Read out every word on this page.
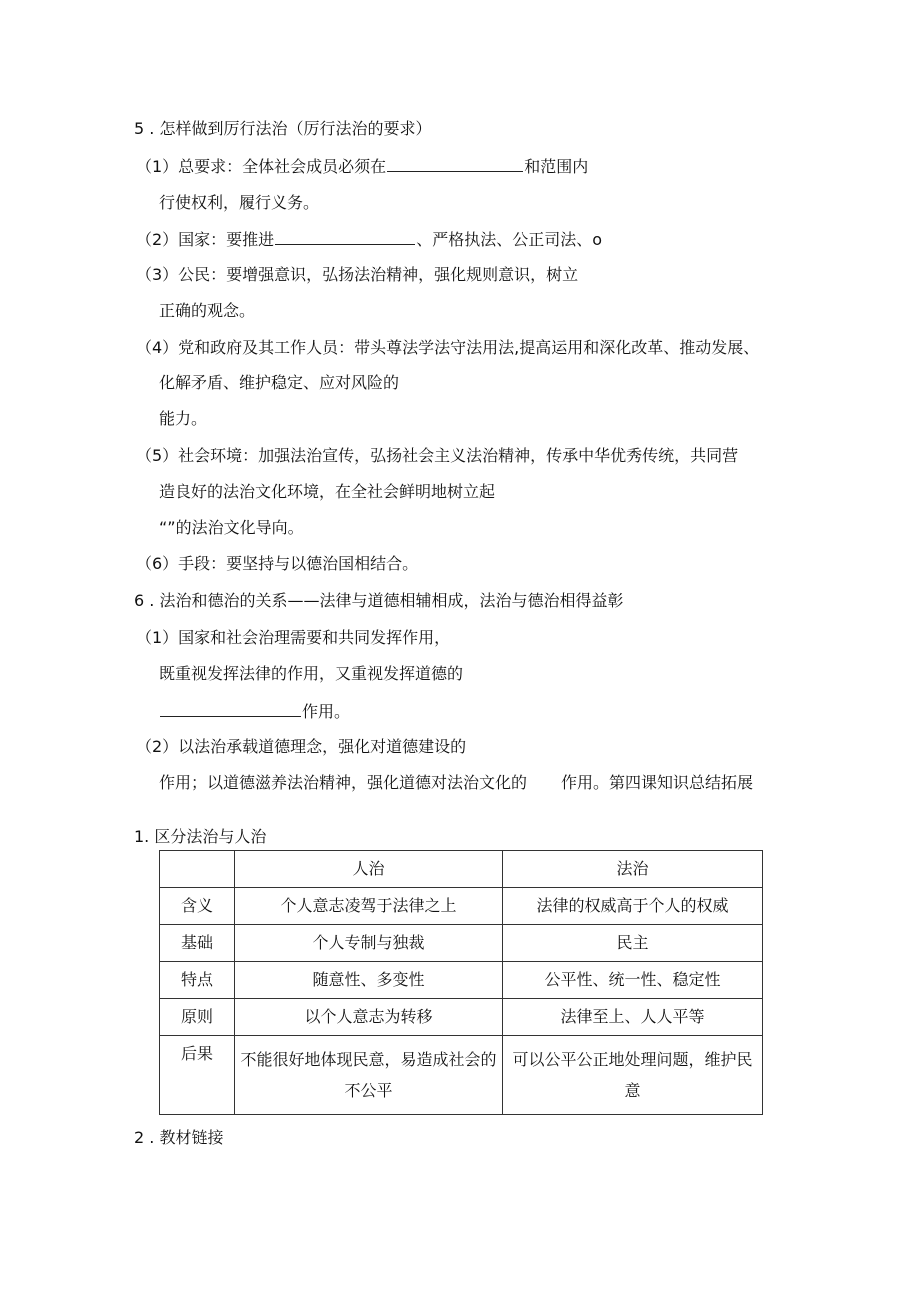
5 . 怎样做到厉行法治（厉行法治的要求）
（1）总要求：全体社会成员必须在	和范围内
行使权利，履行义务。
（2）国家：要推进	、严格执法、公正司法、o
（3）公民：要增强意识，弘扬法治精神，强化规则意识，树立
正确的观念。
（4）党和政府及其工作人员：带头尊法学法守法用法,提高运用和深化改革、推动发展、
化解矛盾、维护稳定、应对风险的
能力。
（5）社会环境：加强法治宣传，弘扬社会主义法治精神，传承中华优秀传统，共同营
造良好的法治文化环境，在全社会鲜明地树立起
“”的法治文化导向。
（6）手段：要坚持与以德治国相结合。
6 . 法治和德治的关系——法律与道德相辅相成，法治与德治相得益彰
（1）国家和社会治理需要和共同发挥作用，
既重视发挥法律的作用，又重视发挥道德的
作用。
（2）以法治承载道德理念，强化对道德建设的
作用；以道德滋养法治精神，强化道德对法治文化的 作用。第四课知识总结拓展
1. 区分法治与人治
	人治	法治
含义	个人意志凌驾于法律之上	法律的权威高于个人的权威
基础	个人专制与独裁	民主
特点	随意性、多变性	公平性、统一性、稳定性
原则	以个人意志为转移	法律至上、人人平等
后果	不能很好地体现民意，易造成社会的不公平	可以公平公正地处理问题，维护民意
2 . 教材链接
